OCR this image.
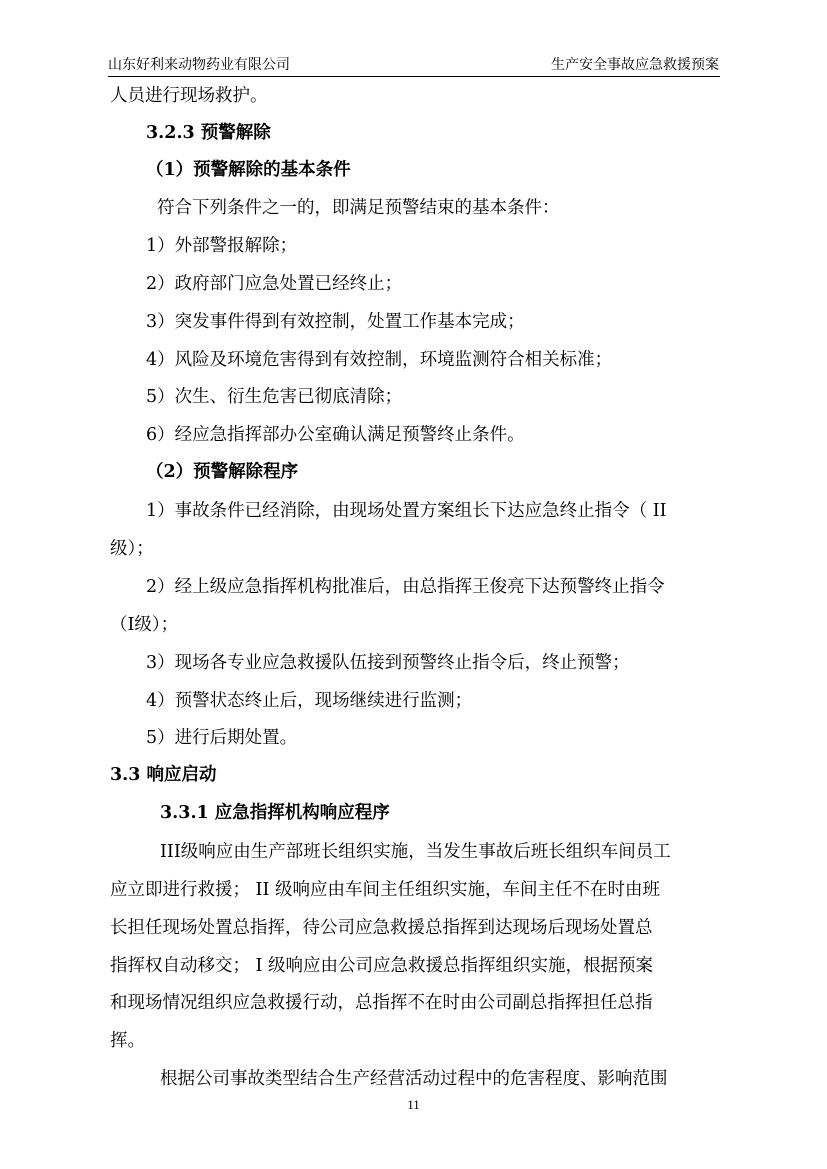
山东好利来动物药业有限公司	生产安全事故应急救援预案
人员进行现场救护。
3.2.3 预警解除
（1）预警解除的基本条件
符合下列条件之一的，即满足预警结束的基本条件：
1）外部警报解除；
2）政府部门应急处置已经终止；
3）突发事件得到有效控制，处置工作基本完成；
4）风险及环境危害得到有效控制，环境监测符合相关标准；
5）次生、衍生危害已彻底清除；
6）经应急指挥部办公室确认满足预警终止条件。
（2）预警解除程序
1）事故条件已经消除，由现场处置方案组长下达应急终止指令（ II
级）；
2）经上级应急指挥机构批准后，由总指挥王俊亮下达预警终止指令
（I级）；
3）现场各专业应急救援队伍接到预警终止指令后，终止预警；
4）预警状态终止后，现场继续进行监测；
5）进行后期处置。
3.3 响应启动
3.3.1 应急指挥机构响应程序
III级响应由生产部班长组织实施，当发生事故后班长组织车间员工
应立即进行救援； II 级响应由车间主任组织实施，车间主任不在时由班
长担任现场处置总指挥，待公司应急救援总指挥到达现场后现场处置总
指挥权自动移交； I 级响应由公司应急救援总指挥组织实施，根据预案
和现场情况组织应急救援行动，总指挥不在时由公司副总指挥担任总指
挥。
根据公司事故类型结合生产经营活动过程中的危害程度、影响范围
11
